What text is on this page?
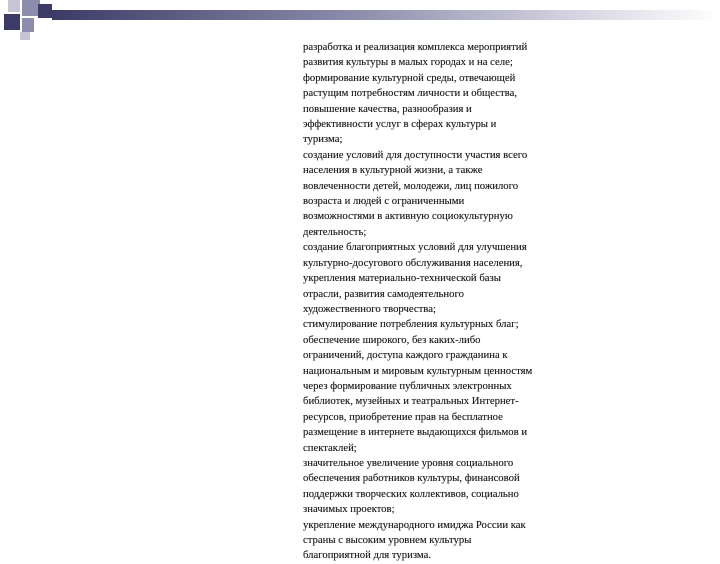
разработка и реализация комплекса мероприятий
развития культуры в малых городах и на селе;
формирование культурной среды, отвечающей
растущим потребностям личности и общества,
повышение качества, разнообразия и
эффективности услуг в сферах культуры и
туризма;
создание условий для доступности участия всего
населения в культурной жизни, а также
вовлеченности детей, молодежи, лиц пожилого
возраста и людей с ограниченными
возможностями в активную социокультурную
деятельность;
создание благоприятных условий для улучшения
культурно-досугового обслуживания населения,
укрепления материально-технической базы
отрасли, развития самодеятельного
художественного творчества;
стимулирование потребления культурных благ;
обеспечение широкого, без каких-либо
ограничений, доступа каждого гражданина к
национальным и мировым культурным ценностям
через формирование публичных электронных
библиотек, музейных и театральных Интернет-
ресурсов, приобретение прав на бесплатное
размещение в интернете выдающихся фильмов и
спектаклей;
значительное увеличение уровня социального
обеспечения работников культуры, финансовой
поддержки творческих коллективов, социально
значимых проектов;
укрепление международного имиджа России как
страны с высоким уровнем культуры
благоприятной для туризма.
